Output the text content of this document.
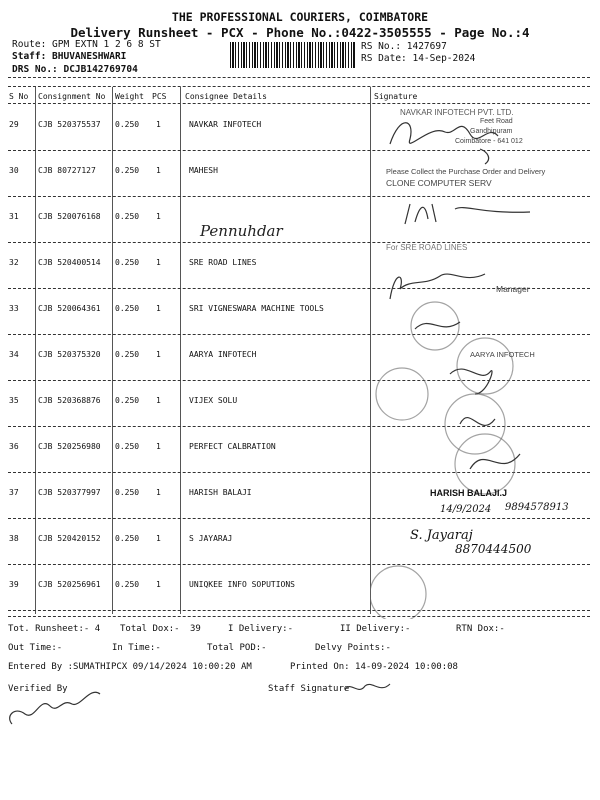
THE PROFESSIONAL COURIERS, COIMBATORE
Delivery Runsheet - PCX - Phone No.:0422-3505555 - Page No.:4
Route: GPM EXTN 1 2 6 8 ST
Staff: BHUVANESHWARI
DRS No.: DCJB142769704
RS No.: 1427697
RS Date: 14-Sep-2024
S No Consignment No Weight PCS Consignee Details	Signature
29 CJB 520375537 0.250 1	NAVKAR INFOTECH
30 CJB 80727127 0.250 1	MAHESH
31 CJB 520076168 0.250 1
32 CJB 520400514 0.250 1	SRE ROAD LINES
33 CJB 520064361 0.250 1	SRI VIGNESWARA MACHINE TOOLS
34 CJB 520375320 0.250 1	AARYA INFOTECH
35 CJB 520368876 0.250 1	VIJEX SOLU
36 CJB 520256980 0.250 1	PERFECT CALBRATION
37 CJB 520377997 0.250 1	HARISH BALAJI
38 CJB 520420152 0.250 1	S JAYARAJ
39 CJB 520256961 0.250 1	UNIQKEE INFO SOPUTIONS
NAVKAR INFOTECH PVT. LTD.
Feet Road
Gandhipuram
Coimbatore - 641 012
Please Collect the Purchase Order and Delivery
CLONE COMPUTER SERV
Pennuhdar
For SRE ROAD LINES
Manager
AARYA INFOTECH
HARISH BALAJI.J
14/9/2024 9894578913
S. Jayaraj
8870444500
Tot. Runsheet:- 4 Total Dox:- 39	I Delivery:-	II Delivery:-	RTN Dox:-
Out Time:-	In Time:-	Total POD:-	Delvy Points:-
Entered By :SUMATHIPCX 09/14/2024 10:00:20 AM	Printed On: 14-09-2024 10:00:08
Verified By	Staff Signature
